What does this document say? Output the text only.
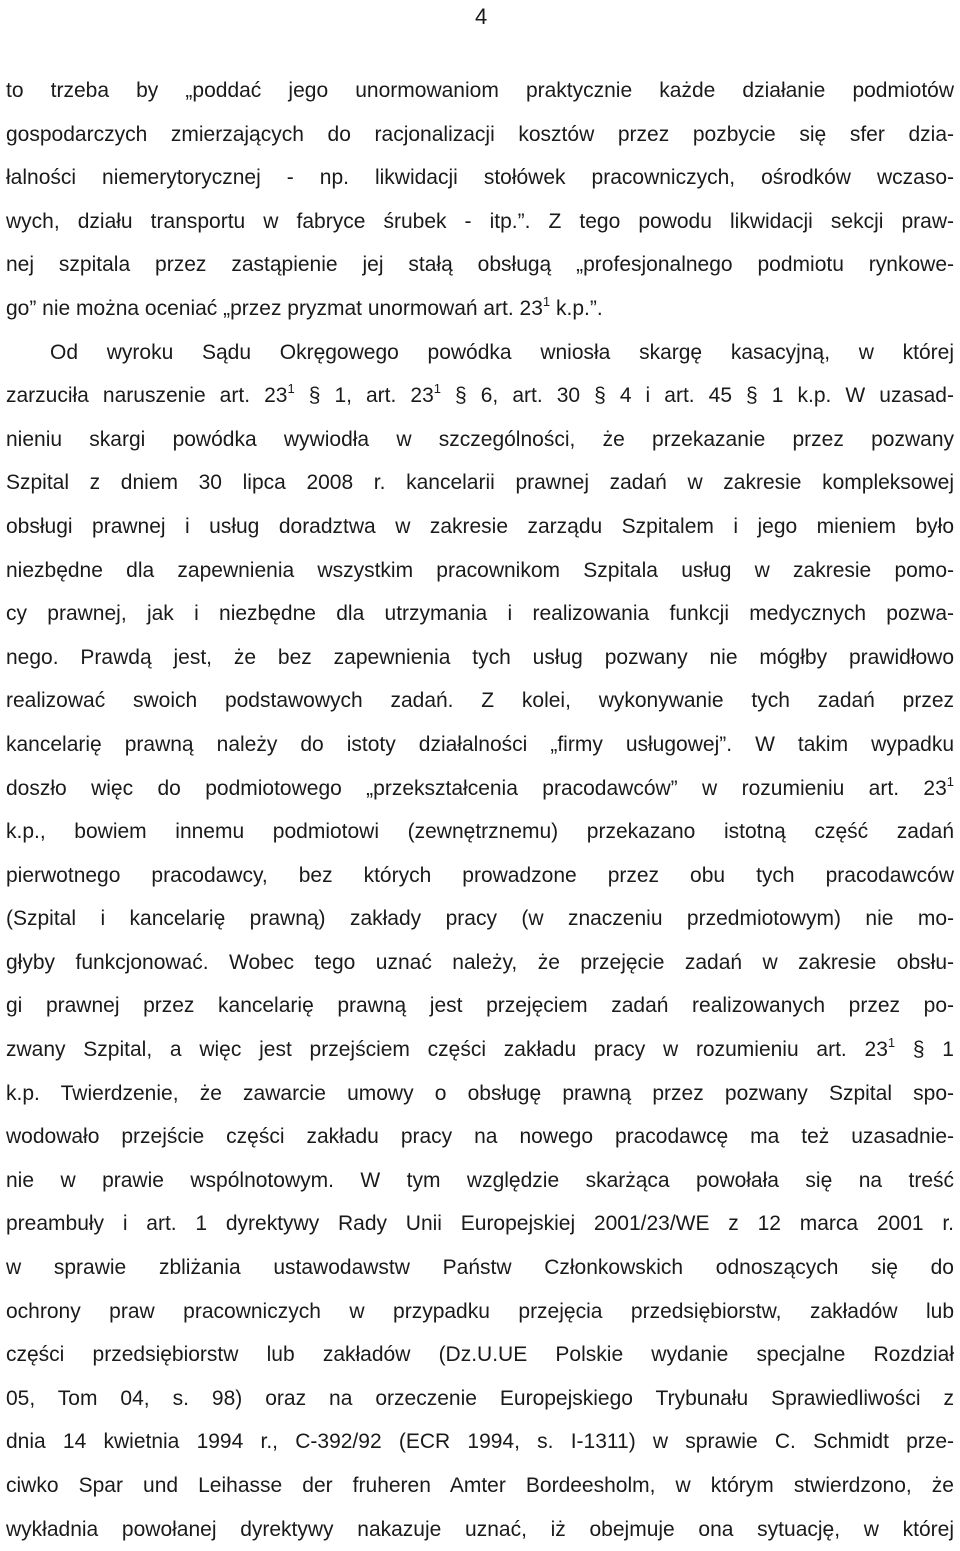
4
to trzeba by „poddać jego unormowaniom praktycznie każde działanie podmiotów
gospodarczych zmierzających do racjonalizacji kosztów przez pozbycie się sfer dzia-
łalności niemerytorycznej - np. likwidacji stołówek pracowniczych, ośrodków wczaso-
wych, działu transportu w fabryce śrubek - itp.”. Z tego powodu likwidacji sekcji praw-
nej szpitala przez zastąpienie jej stałą obsługą „profesjonalnego podmiotu rynkowe-
go” nie można oceniać „przez pryzmat unormowań art. $23^1$ k.p.”.
Od wyroku Sądu Okręgowego powódka wniosła skargę kasacyjną, w której
zarzuciła naruszenie art. $23^1$ § 1, art. $23^1$ § 6, art. 30 § 4 i art. 45 § 1 k.p. W uzasad-
nieniu skargi powódka wywiodła w szczególności, że przekazanie przez pozwany
Szpital z dniem 30 lipca 2008 r. kancelarii prawnej zadań w zakresie kompleksowej
obsługi prawnej i usług doradztwa w zakresie zarządu Szpitalem i jego mieniem było
niezbędne dla zapewnienia wszystkim pracownikom Szpitala usług w zakresie pomo-
cy prawnej, jak i niezbędne dla utrzymania i realizowania funkcji medycznych pozwa-
nego. Prawdą jest, że bez zapewnienia tych usług pozwany nie mógłby prawidłowo
realizować swoich podstawowych zadań. Z kolei, wykonywanie tych zadań przez
kancelarię prawną należy do istoty działalności „firmy usługowej”. W takim wypadku
doszło więc do podmiotowego „przekształcenia pracodawców” w rozumieniu art. $23^1$
k.p., bowiem innemu podmiotowi (zewnętrznemu) przekazano istotną część zadań
pierwotnego pracodawcy, bez których prowadzone przez obu tych pracodawców
(Szpital i kancelarię prawną) zakłady pracy (w znaczeniu przedmiotowym) nie mo-
głyby funkcjonować. Wobec tego uznać należy, że przejęcie zadań w zakresie obsłu-
gi prawnej przez kancelarię prawną jest przejęciem zadań realizowanych przez po-
zwany Szpital, a więc jest przejściem części zakładu pracy w rozumieniu art. $23^1$ § 1
k.p. Twierdzenie, że zawarcie umowy o obsługę prawną przez pozwany Szpital spo-
wodowało przejście części zakładu pracy na nowego pracodawcę ma też uzasadnie-
nie w prawie wspólnotowym. W tym względzie skarżąca powołała się na treść
preambuły i art. 1 dyrektywy Rady Unii Europejskiej 2001/23/WE z 12 marca 2001 r.
w sprawie zbliżania ustawodawstw Państw Członkowskich odnoszących się do
ochrony praw pracowniczych w przypadku przejęcia przedsiębiorstw, zakładów lub
części przedsiębiorstw lub zakładów (Dz.U.UE Polskie wydanie specjalne Rozdział
05, Tom 04, s. 98) oraz na orzeczenie Europejskiego Trybunału Sprawiedliwości z
dnia 14 kwietnia 1994 r., C-392/92 (ECR 1994, s. I-1311) w sprawie C. Schmidt prze-
ciwko Spar und Leihasse der fruheren Amter Bordeesholm, w którym stwierdzono, że
wykładnia powołanej dyrektywy nakazuje uznać, iż obejmuje ona sytuację, w której
